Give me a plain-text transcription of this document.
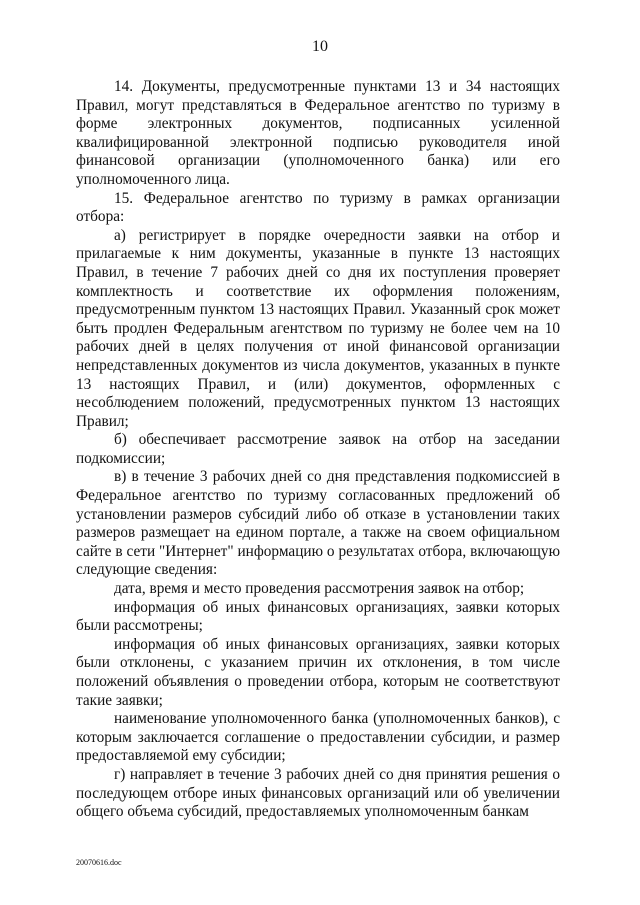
10

14. Документы, предусмотренные пунктами 13 и 34 настоящих Правил, могут представляться в Федеральное агентство по туризму в форме электронных документов, подписанных усиленной квалифицированной электронной подписью руководителя иной финансовой организации (уполномоченного банка) или его уполномоченного лица.

15. Федеральное агентство по туризму в рамках организации отбора:

а) регистрирует в порядке очередности заявки на отбор и прилагаемые к ним документы, указанные в пункте 13 настоящих Правил, в течение 7 рабочих дней со дня их поступления проверяет комплектность и соответствие их оформления положениям, предусмотренным пунктом 13 настоящих Правил. Указанный срок может быть продлен Федеральным агентством по туризму не более чем на 10 рабочих дней в целях получения от иной финансовой организации непредставленных документов из числа документов, указанных в пункте 13 настоящих Правил, и (или) документов, оформленных с несоблюдением положений, предусмотренных пунктом 13 настоящих Правил;

б) обеспечивает рассмотрение заявок на отбор на заседании подкомиссии;

в) в течение 3 рабочих дней со дня представления подкомиссией в Федеральное агентство по туризму согласованных предложений об установлении размеров субсидий либо об отказе в установлении таких размеров размещает на едином портале, а также на своем официальном сайте в сети "Интернет" информацию о результатах отбора, включающую следующие сведения:

дата, время и место проведения рассмотрения заявок на отбор;

информация об иных финансовых организациях, заявки которых были рассмотрены;

информация об иных финансовых организациях, заявки которых были отклонены, с указанием причин их отклонения, в том числе положений объявления о проведении отбора, которым не соответствуют такие заявки;

наименование уполномоченного банка (уполномоченных банков), с которым заключается соглашение о предоставлении субсидии, и размер предоставляемой ему субсидии;

г) направляет в течение 3 рабочих дней со дня принятия решения о последующем отборе иных финансовых организаций или об увеличении общего объема субсидий, предоставляемых уполномоченным банкам

20070616.doc
